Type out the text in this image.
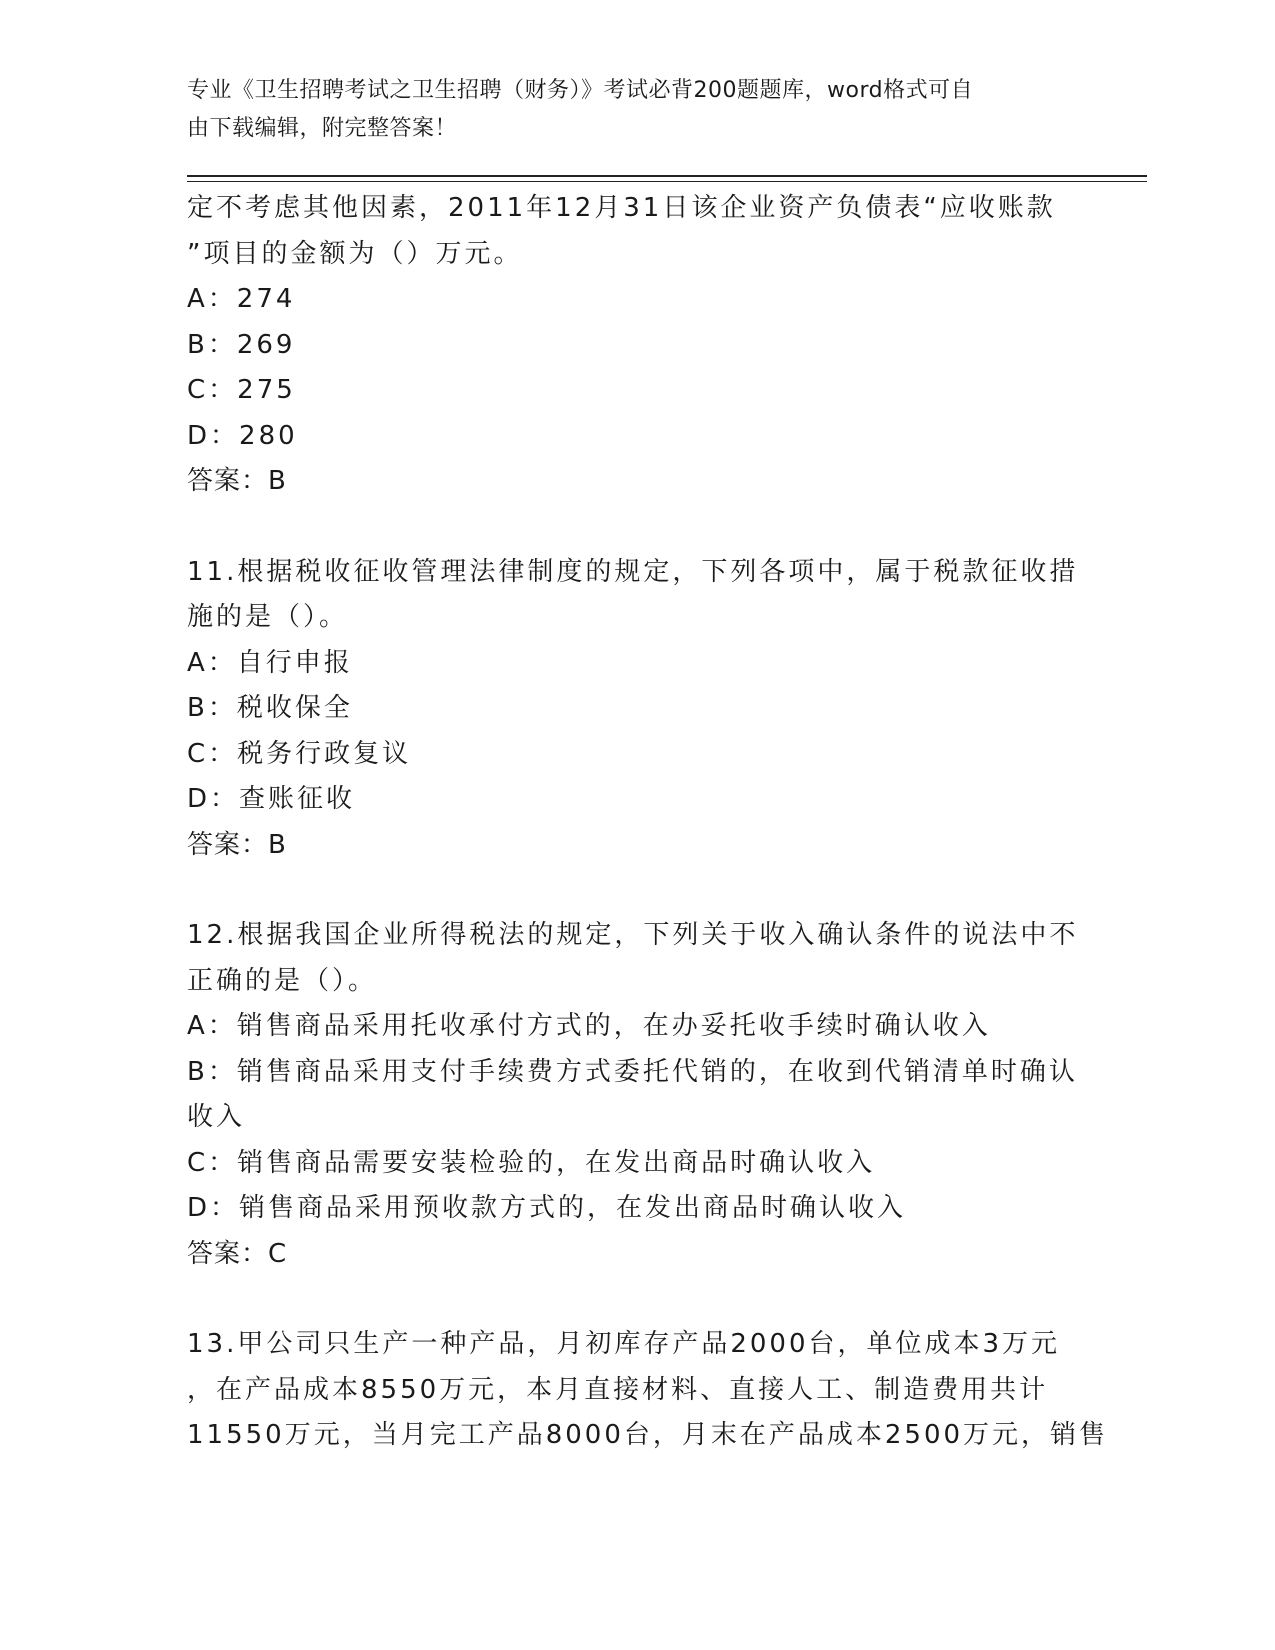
专业《卫生招聘考试之卫生招聘（财务）》考试必背200题题库，word格式可自
由下载编辑，附完整答案！
定不考虑其他因素，2011年12月31日该企业资产负债表“应收账款
”项目的金额为（）万元。
A：274
B：269
C：275
D：280
答案：B
11.根据税收征收管理法律制度的规定，下列各项中，属于税款征收措
施的是（）。
A：自行申报
B：税收保全
C：税务行政复议
D：查账征收
答案：B
12.根据我国企业所得税法的规定，下列关于收入确认条件的说法中不
正确的是（）。
A：销售商品采用托收承付方式的，在办妥托收手续时确认收入
B：销售商品采用支付手续费方式委托代销的，在收到代销清单时确认
收入
C：销售商品需要安装检验的，在发出商品时确认收入
D：销售商品采用预收款方式的，在发出商品时确认收入
答案：C
13.甲公司只生产一种产品，月初库存产品2000台，单位成本3万元
，在产品成本8550万元，本月直接材料、直接人工、制造费用共计
11550万元，当月完工产品8000台，月末在产品成本2500万元，销售
